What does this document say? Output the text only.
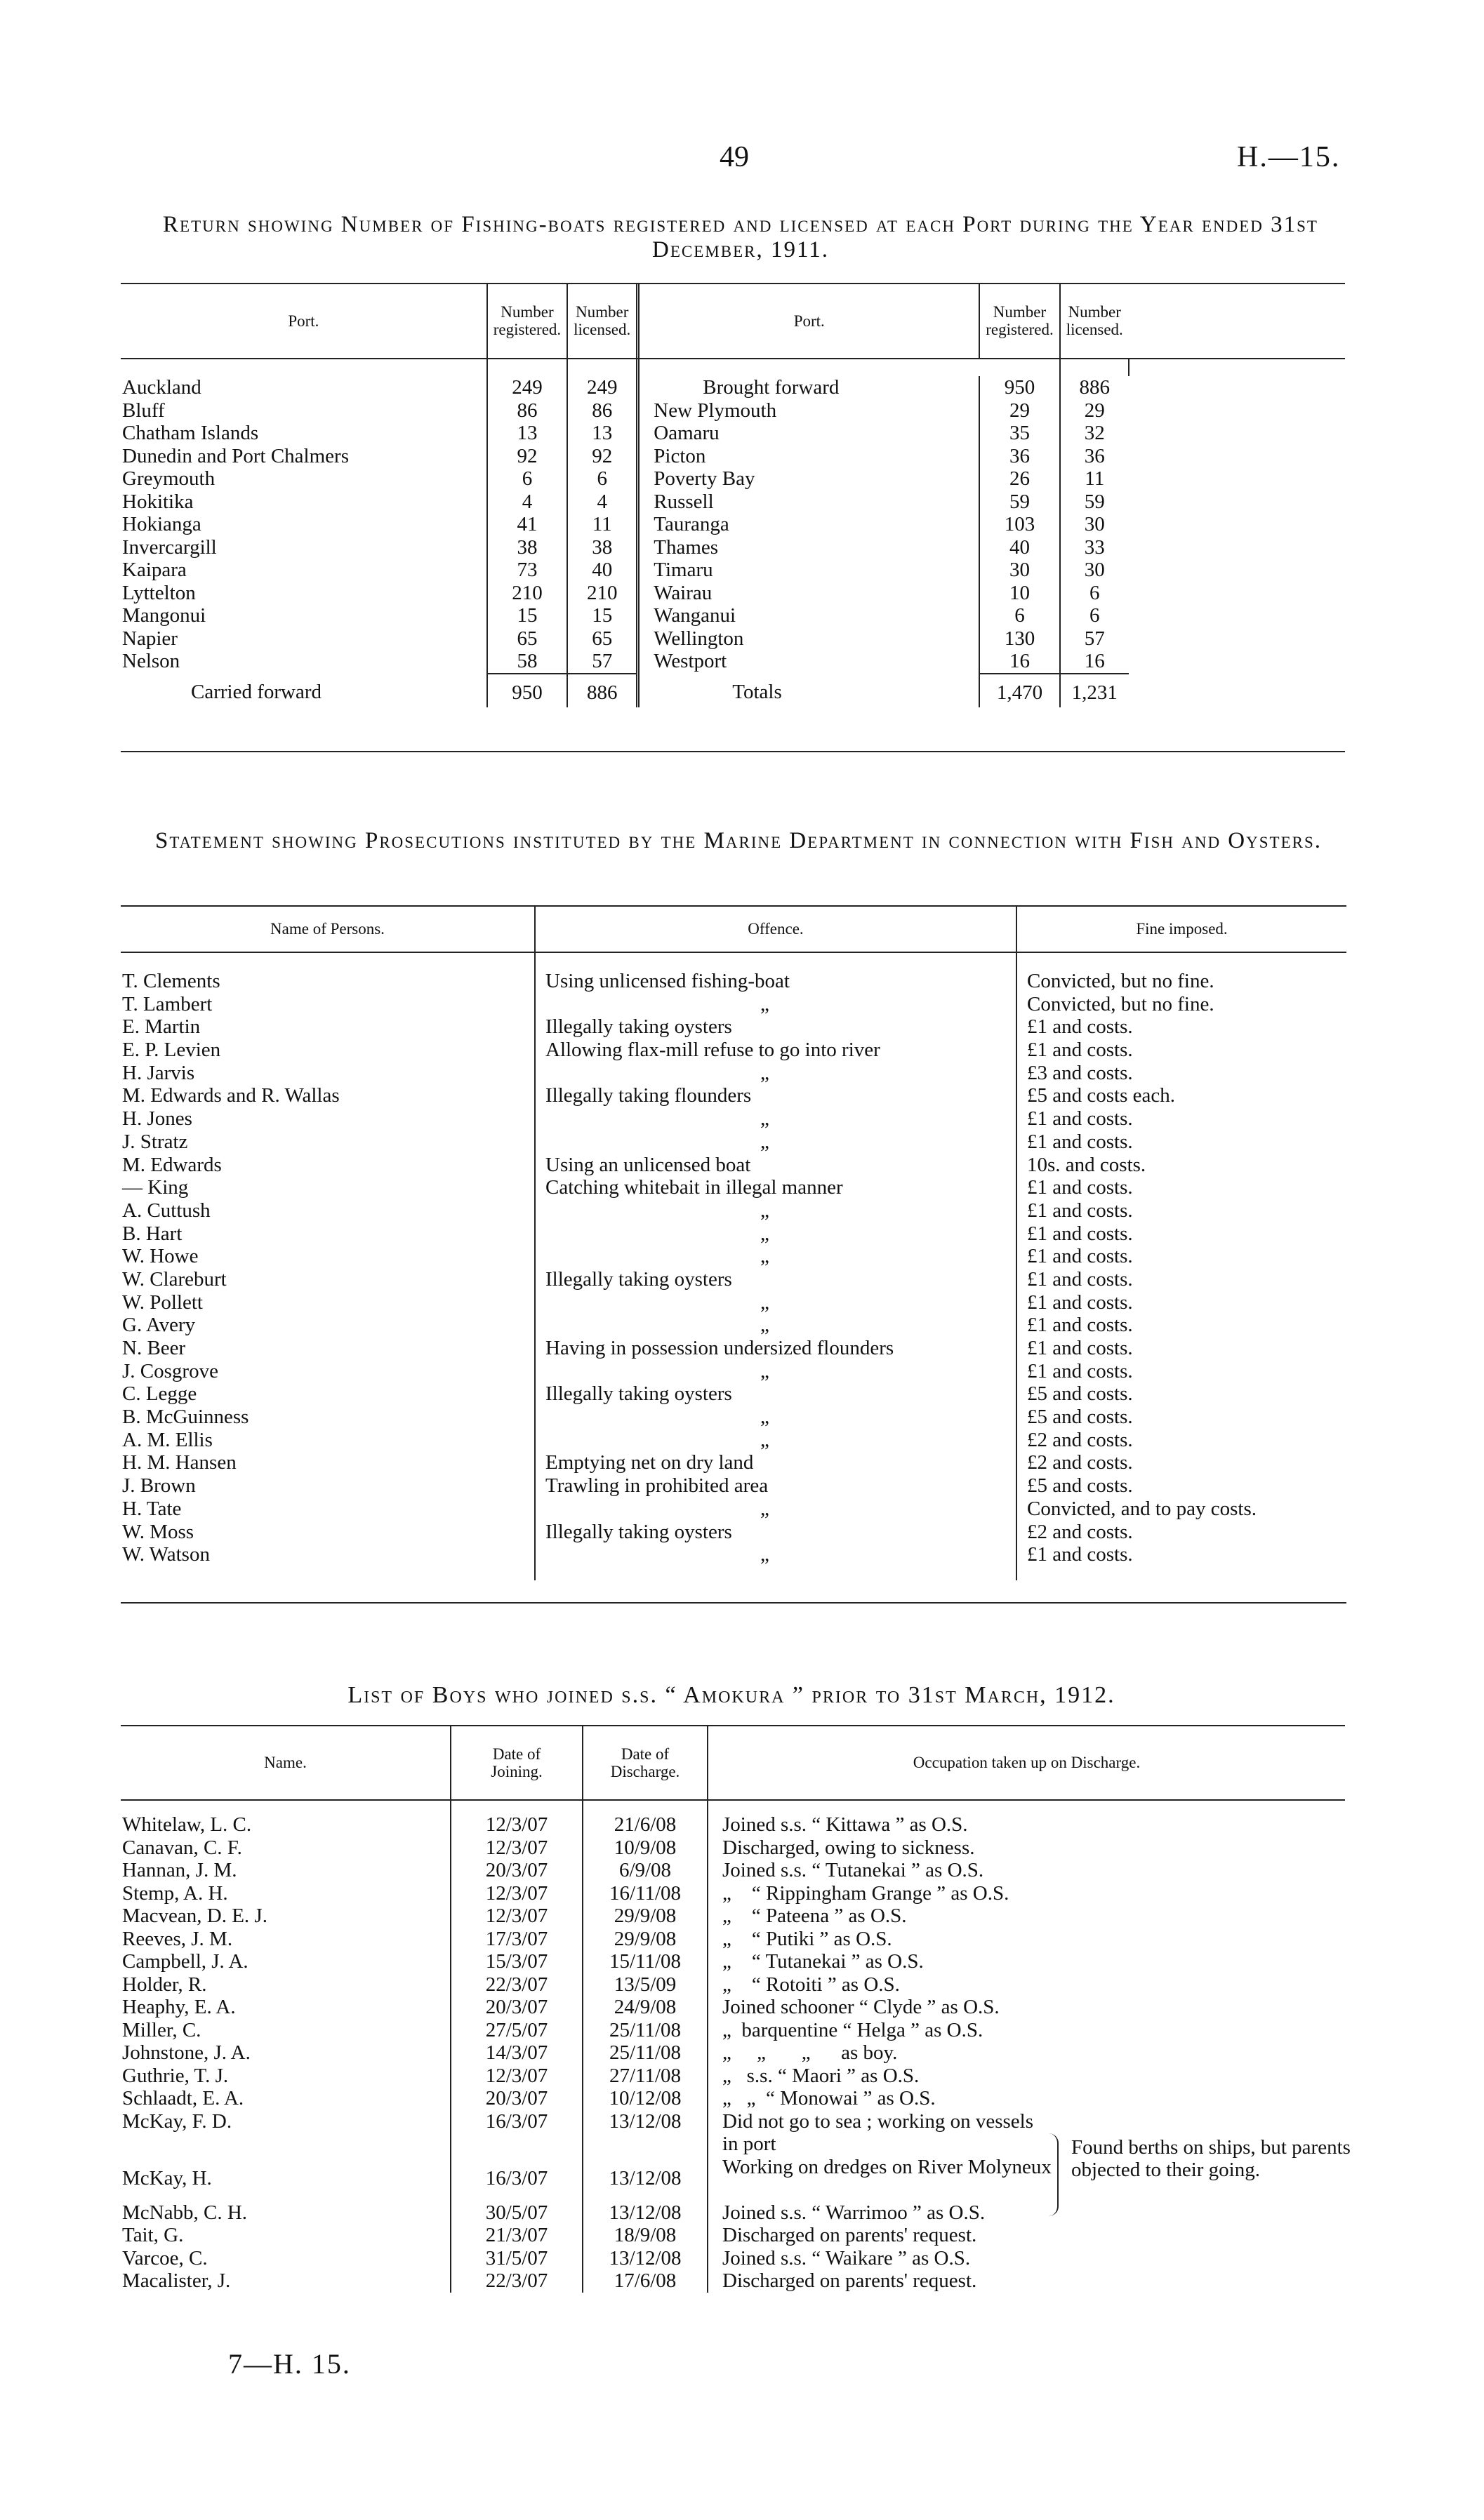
49	H.—15.
Return showing Number of Fishing-boats registered and licensed at each Port during the Year ended 31st December, 1911.
Port.	Number registered.	Number licensed.	Port.	Number registered.	Number licensed.	

Auckland	249	249	Brought forward	950	886	
Bluff	86	86	New Plymouth	29	29	
Chatham Islands	13	13	Oamaru	35	32	
Dunedin and Port Chalmers	92	92	Picton	36	36	
Greymouth	6	6	Poverty Bay	26	11	
Hokitika	4	4	Russell	59	59	
Hokianga	41	11	Tauranga	103	30	
Invercargill	38	38	Thames	40	33	
Kaipara	73	40	Timaru	30	30	
Lyttelton	210	210	Wairau	10	6	
Mangonui	15	15	Wanganui	6	6	
Napier	65	65	Wellington	130	57	
Nelson	58	57	Westport	16	16	
Carried forward	950	886	Totals	1,470	1,231	
Statement showing Prosecutions instituted by the Marine Department in connection with Fish and Oysters.
Name of Persons.	Offence.	Fine imposed.

T. Clements	Using unlicensed fishing-boat	Convicted, but no fine.
T. Lambert	„	Convicted, but no fine.
E. Martin	Illegally taking oysters	£1 and costs.
E. P. Levien	Allowing flax-mill refuse to go into river	£1 and costs.
H. Jarvis	„	£3 and costs.
M. Edwards and R. Wallas	Illegally taking flounders	£5 and costs each.
H. Jones	„	£1 and costs.
J. Stratz	„	£1 and costs.
M. Edwards	Using an unlicensed boat	10s. and costs.
— King	Catching whitebait in illegal manner	£1 and costs.
A. Cuttush	„	£1 and costs.
B. Hart	„	£1 and costs.
W. Howe	„	£1 and costs.
W. Clareburt	Illegally taking oysters	£1 and costs.
W. Pollett	„	£1 and costs.
G. Avery	„	£1 and costs.
N. Beer	Having in possession undersized flounders	£1 and costs.
J. Cosgrove	„	£1 and costs.
C. Legge	Illegally taking oysters	£5 and costs.
B. McGuinness	„	£5 and costs.
A. M. Ellis	„	£2 and costs.
H. M. Hansen	Emptying net on dry land	£2 and costs.
J. Brown	Trawling in prohibited area	£5 and costs.
H. Tate	„	Convicted, and to pay costs.
W. Moss	Illegally taking oysters	£2 and costs.
W. Watson	„	£1 and costs.

List of Boys who joined s.s. “ Amokura ” prior to 31st March, 1912.
Name.	Date of Joining.	Date of Discharge.	Occupation taken up on Discharge.

Whitelaw, L. C.	12/3/07	21/6/08	Joined s.s. “ Kittawa ” as O.S.
Canavan, C. F.	12/3/07	10/9/08	Discharged, owing to sickness.
Hannan, J. M.	20/3/07	6/9/08	Joined s.s. “ Tutanekai ” as O.S.
Stemp, A. H.	12/3/07	16/11/08	„    “ Rippingham Grange ” as O.S.
Macvean, D. E. J.	12/3/07	29/9/08	„    “ Pateena ” as O.S.
Reeves, J. M.	17/3/07	29/9/08	„    “ Putiki ” as O.S.
Campbell, J. A.	15/3/07	15/11/08	„    “ Tutanekai ” as O.S.
Holder, R.	22/3/07	13/5/09	„    “ Rotoiti ” as O.S.
Heaphy, E. A.	20/3/07	24/9/08	Joined schooner “ Clyde ” as O.S.
Miller, C.	27/5/07	25/11/08	„  barquentine “ Helga ” as O.S.
Johnstone, J. A.	14/3/07	25/11/08	„     „       „      as boy.
Guthrie, T. J.	12/3/07	27/11/08	„   s.s. “ Maori ” as O.S.
Schlaadt, E. A.	20/3/07	10/12/08	„   „  “ Monowai ” as O.S.
McKay, F. D.	16/3/07	13/12/08	Did not go to sea ; working on vessels in port

McKay, H.	16/3/07	13/12/08	Working on dredges on River Molyneux

McNabb, C. H.	30/5/07	13/12/08	Joined s.s. “ Warrimoo ” as O.S.
Tait, G.	21/3/07	18/9/08	Discharged on parents' request.
Varcoe, C.	31/5/07	13/12/08	Joined s.s. “ Waikare ” as O.S.
Macalister, J.	22/3/07	17/6/08	Discharged on parents' request.
Found berths on ships, but parents objected to their going.
7—H. 15.
